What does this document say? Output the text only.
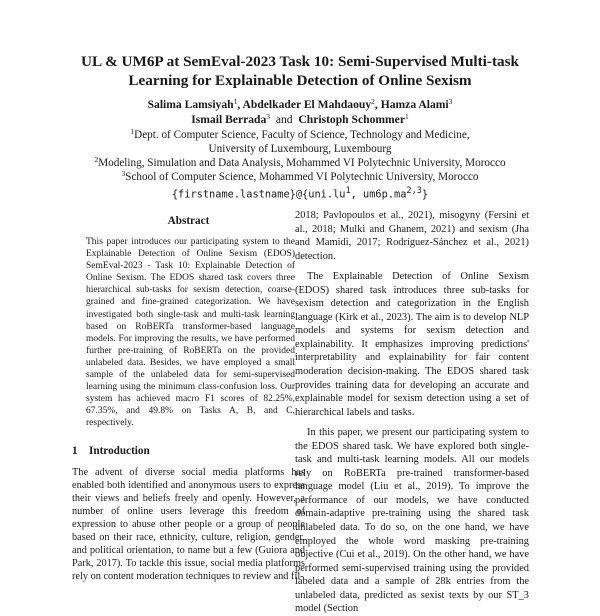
UL & UM6P at SemEval-2023 Task 10: Semi-Supervised Multi-task
Learning for Explainable Detection of Online Sexism
Salima Lamsiyah$^1$, Abdelkader El Mahdaouy$^2$, Hamza Alami$^3$
Ismail Berrada$^3$ and Christoph Schommer$^1$
$^1$Dept. of Computer Science, Faculty of Science, Technology and Medicine,
University of Luxembourg, Luxembourg
$^2$Modeling, Simulation and Data Analysis, Mohammed VI Polytechnic University, Morocco
$^3$School of Computer Science, Mohammed VI Polytechnic University, Morocco
$\{firstname.lastname\}@\{uni.lu^1$, um6p.ma$^{2,3}$}
Abstract

This paper introduces our participating system to the Explainable Detection of Online Sexism (EDOS) SemEval-2023 - Task 10: Explainable Detection of Online Sexism. The EDOS shared task covers three hierarchical sub-tasks for sexism detection, coarse-grained and fine-grained categorization. We have investigated both single-task and multi-task learning based on RoBERTa transformer-based language models. For improving the results, we have performed further pre-training of RoBERTa on the provided unlabeled data. Besides, we have employed a small sample of the unlabeled data for semi-supervised learning using the minimum class-confusion loss. Our system has achieved macro F1 scores of 82.25%, 67.35%, and 49.8% on Tasks A, B, and C, respectively.

1 Introduction

The advent of diverse social media platforms has enabled both identified and anonymous users to express their views and beliefs freely and openly. However, a number of online users leverage this freedom of expression to abuse other people or a group of people based on their race, ethnicity, culture, religion, gender, and political orientation, to name but a few (Guiora and Park, 2017). To tackle this issue, social media platforms rely on content moderation techniques to review and fil-

2018; Pavlopoulos et al., 2021), misogyny (Fersini et al., 2018; Mulki and Ghanem, 2021) and sexism (Jha and Mamidi, 2017; Rodríguez-Sánchez et al., 2021) detection.

The Explainable Detection of Online Sexism (EDOS) shared task introduces three sub-tasks for sexism detection and categorization in the English language (Kirk et al., 2023). The aim is to develop NLP models and systems for sexism detection and explainability. It emphasizes improving predictions' interpretability and explainability for fair content moderation decision-making. The EDOS shared task provides training data for developing an accurate and explainable model for sexism detection using a set of hierarchical labels and tasks.

In this paper, we present our participating system to the EDOS shared task. We have explored both single-task and multi-task learning models. All our models rely on RoBERTa pre-trained transformer-based language model (Liu et al., 2019). To improve the performance of our models, we have conducted domain-adaptive pre-training using the shared task unlabeled data. To do so, on the one hand, we have employed the whole word masking pre-training objective (Cui et al., 2019). On the other hand, we have performed semi-supervised training using the provided labeled data and a sample of 28k entries from the unlabeled data, predicted as sexist texts by our ST_3 model (Section
